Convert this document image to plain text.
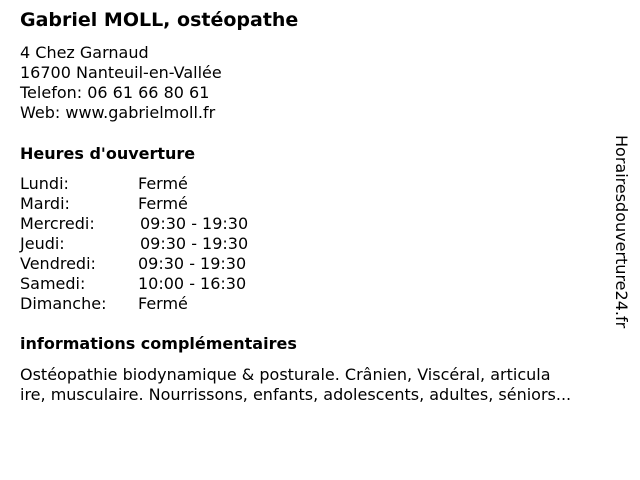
Gabriel MOLL, ostéopathe
4 Chez Garnaud
16700 Nanteuil-en-Vallée
Telefon: 06 61 66 80 61
Web: www.gabrielmoll.fr
Heures d'ouverture
Lundi:	Fermé
Mardi:	Fermé
Mercredi:	09:30 - 19:30
Jeudi:	09:30 - 19:30
Vendredi:	09:30 - 19:30
Samedi:	10:00 - 16:30
Dimanche:	Fermé
informations complémentaires
Ostéopathie biodynamique & posturale. Crânien, Viscéral, articula
ire, musculaire. Nourrissons, enfants, adolescents, adultes, séniors...
Horairesdouverture24.fr
